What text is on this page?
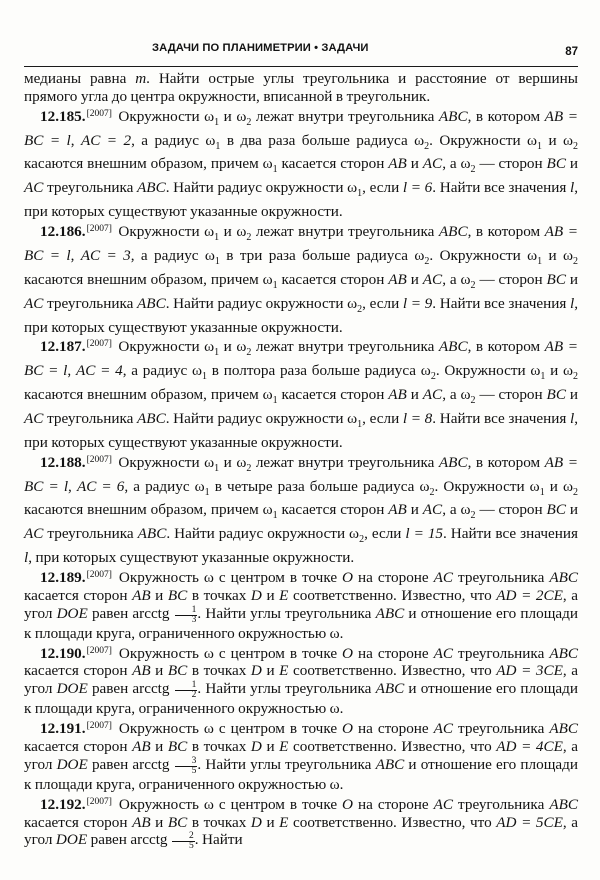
ЗАДАЧИ ПО ПЛАНИМЕТРИИ • ЗАДАЧИ	87

медианы равна m. Найти острые углы треугольника и расстояние от вершины прямого угла до центра окружности, вписанной в треугольник.

12.185.[2007] Окружности $\omega_1$ и $\omega_2$ лежат внутри треугольника ABC, в котором AB = BC = l, AC = 2, а радиус $\omega_1$ в два раза больше радиуса $\omega_2$. Окружности $\omega_1$ и $\omega_2$ касаются внешним образом, причем $\omega_1$ касается сторон AB и AC, а $\omega_2$ — сторон BC и AC треугольника ABC. Найти радиус окружности $\omega_1$, если l = 6. Найти все значения l, при которых существуют указанные окружности.

12.186.[2007] Окружности $\omega_1$ и $\omega_2$ лежат внутри треугольника ABC, в котором AB = BC = l, AC = 3, а радиус $\omega_1$ в три раза больше радиуса $\omega_2$. Окружности $\omega_1$ и $\omega_2$ касаются внешним образом, причем $\omega_1$ касается сторон AB и AC, а $\omega_2$ — сторон BC и AC треугольника ABC. Найти радиус окружности $\omega_2$, если l = 9. Найти все значения l, при которых существуют указанные окружности.

12.187.[2007] Окружности $\omega_1$ и $\omega_2$ лежат внутри треугольника ABC, в котором AB = BC = l, AC = 4, а радиус $\omega_1$ в полтора раза больше радиуса $\omega_2$. Окружности $\omega_1$ и $\omega_2$ касаются внешним образом, причем $\omega_1$ касается сторон AB и AC, а $\omega_2$ — сторон BC и AC треугольника ABC. Найти радиус окружности $\omega_1$, если l = 8. Найти все значения l, при которых существуют указанные окружности.

12.188.[2007] Окружности $\omega_1$ и $\omega_2$ лежат внутри треугольника ABC, в котором AB = BC = l, AC = 6, а радиус $\omega_1$ в четыре раза больше радиуса $\omega_2$. Окружности $\omega_1$ и $\omega_2$ касаются внешним образом, причем $\omega_1$ касается сторон AB и AC, а $\omega_2$ — сторон BC и AC треугольника ABC. Найти радиус окружности $\omega_2$, если l = 15. Найти все значения l, при которых существуют указанные окружности.

12.189.[2007] Окружность ω с центром в точке O на стороне AC треугольника ABC касается сторон AB и BC в точках D и E соответственно. Известно, что AD = 2CE, а угол DOE равен arcctg $\frac{1}{3}$ . Найти углы треугольника ABC и отношение его площади к площади круга, ограниченного окружностью ω.

12.190.[2007] Окружность ω с центром в точке O на стороне AC треугольника ABC касается сторон AB и BC в точках D и E соответственно. Известно, что AD = 3CE, а угол DOE равен arcctg $\frac{1}{2}$ . Найти углы треугольника ABC и отношение его площади к площади круга, ограниченного окружностью ω.

12.191.[2007] Окружность ω с центром в точке O на стороне AC треугольника ABC касается сторон AB и BC в точках D и E соответственно. Известно, что AD = 4CE, а угол DOE равен arcctg $\frac{3}{5}$ . Найти углы треугольника ABC и отношение его площади к площади круга, ограниченного окружностью ω.

12.192.[2007] Окружность ω с центром в точке O на стороне AC треугольника ABC касается сторон AB и BC в точках D и E соответственно. Известно, что AD = 5CE, а угол DOE равен arcctg $\frac{2}{5}$ . Найти
